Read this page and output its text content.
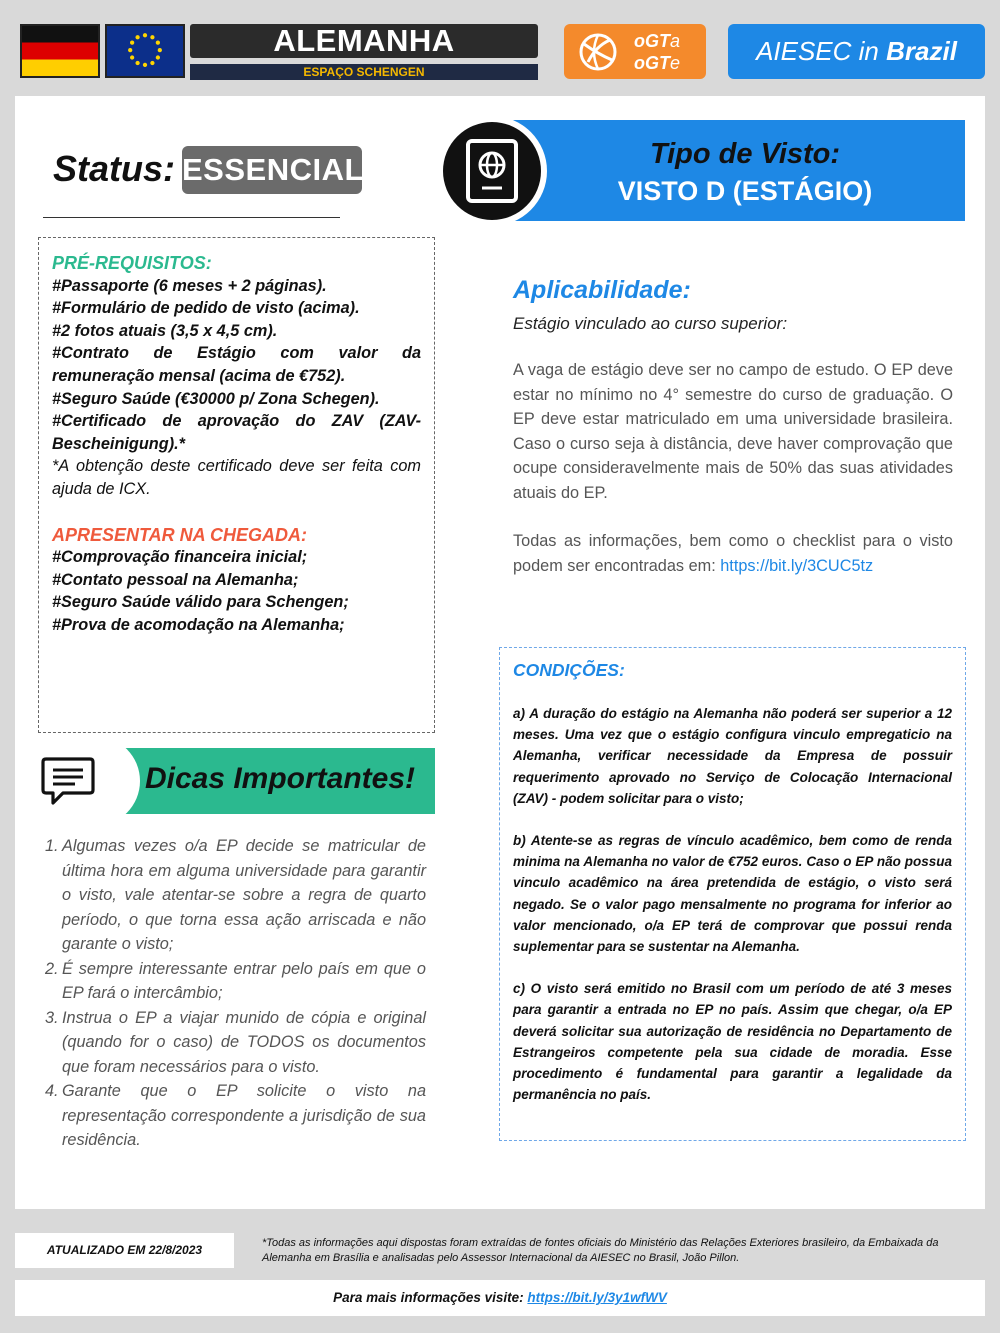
ALEMANHA
ESPAÇO SCHENGEN
oGTa
oGTe	AIESEC in Brazil
Status: ESSENCIAL	Tipo de Visto:
VISTO D (ESTÁGIO)
PRÉ-REQUISITOS:
#Passaporte (6 meses + 2 páginas).
#Formulário de pedido de visto (acima).
#2 fotos atuais (3,5 x 4,5 cm).
#Contrato de Estágio com valor da remuneração mensal (acima de €752).
#Seguro Saúde (€30000 p/ Zona Schegen).
#Certificado de aprovação do ZAV (ZAV-Bescheinigung).*
*A obtenção deste certificado deve ser feita com ajuda de ICX.
APRESENTAR NA CHEGADA:
#Comprovação financeira inicial;
#Contato pessoal na Alemanha;
#Seguro Saúde válido para Schengen;
#Prova de acomodação na Alemanha;
Aplicabilidade:
Estágio vinculado ao curso superior:
A vaga de estágio deve ser no campo de estudo. O EP deve estar no mínimo no 4° semestre do curso de graduação. O EP deve estar matriculado em uma universidade brasileira. Caso o curso seja à distância, deve haver comprovação que ocupe consideravelmente mais de 50% das suas atividades atuais do EP.
Todas as informações, bem como o checklist para o visto podem ser encontradas em: https://bit.ly/3CUC5tz
CONDIÇÕES:
a) A duração do estágio na Alemanha não poderá ser superior a 12 meses. Uma vez que o estágio configura vinculo empregaticio na Alemanha, verificar necessidade da Empresa de possuir requerimento aprovado no Serviço de Colocação Internacional (ZAV) - podem solicitar para o visto;
b) Atente-se as regras de vínculo acadêmico, bem como de renda minima na Alemanha no valor de €752 euros. Caso o EP não possua vinculo acadêmico na área pretendida de estágio, o visto será negado. Se o valor pago mensalmente no programa for inferior ao valor mencionado, o/a EP terá de comprovar que possui renda suplementar para se sustentar na Alemanha.
c) O visto será emitido no Brasil com um período de até 3 meses para garantir a entrada no EP no país. Assim que chegar, o/a EP deverá solicitar sua autorização de residência no Departamento de Estrangeiros competente pela sua cidade de moradia. Esse procedimento é fundamental para garantir a legalidade da permanência no país.
Dicas Importantes!
1. Algumas vezes o/a EP decide se matricular de última hora em alguma universidade para garantir o visto, vale atentar-se sobre a regra de quarto período, o que torna essa ação arriscada e não garante o visto;
2. É sempre interessante entrar pelo país em que o EP fará o intercâmbio;
3. Instrua o EP a viajar munido de cópia e original (quando for o caso) de TODOS os documentos que foram necessários para o visto.
4. Garante que o EP solicite o visto na representação correspondente a jurisdição de sua residência.
ATUALIZADO EM 22/8/2023	*Todas as informações aqui dispostas foram extraídas de fontes oficiais do Ministério das Relações Exteriores brasileiro, da Embaixada da Alemanha em Brasília e analisadas pelo Assessor Internacional da AIESEC no Brasil, João Pillon.
Para mais informações visite: https://bit.ly/3y1wfWV
